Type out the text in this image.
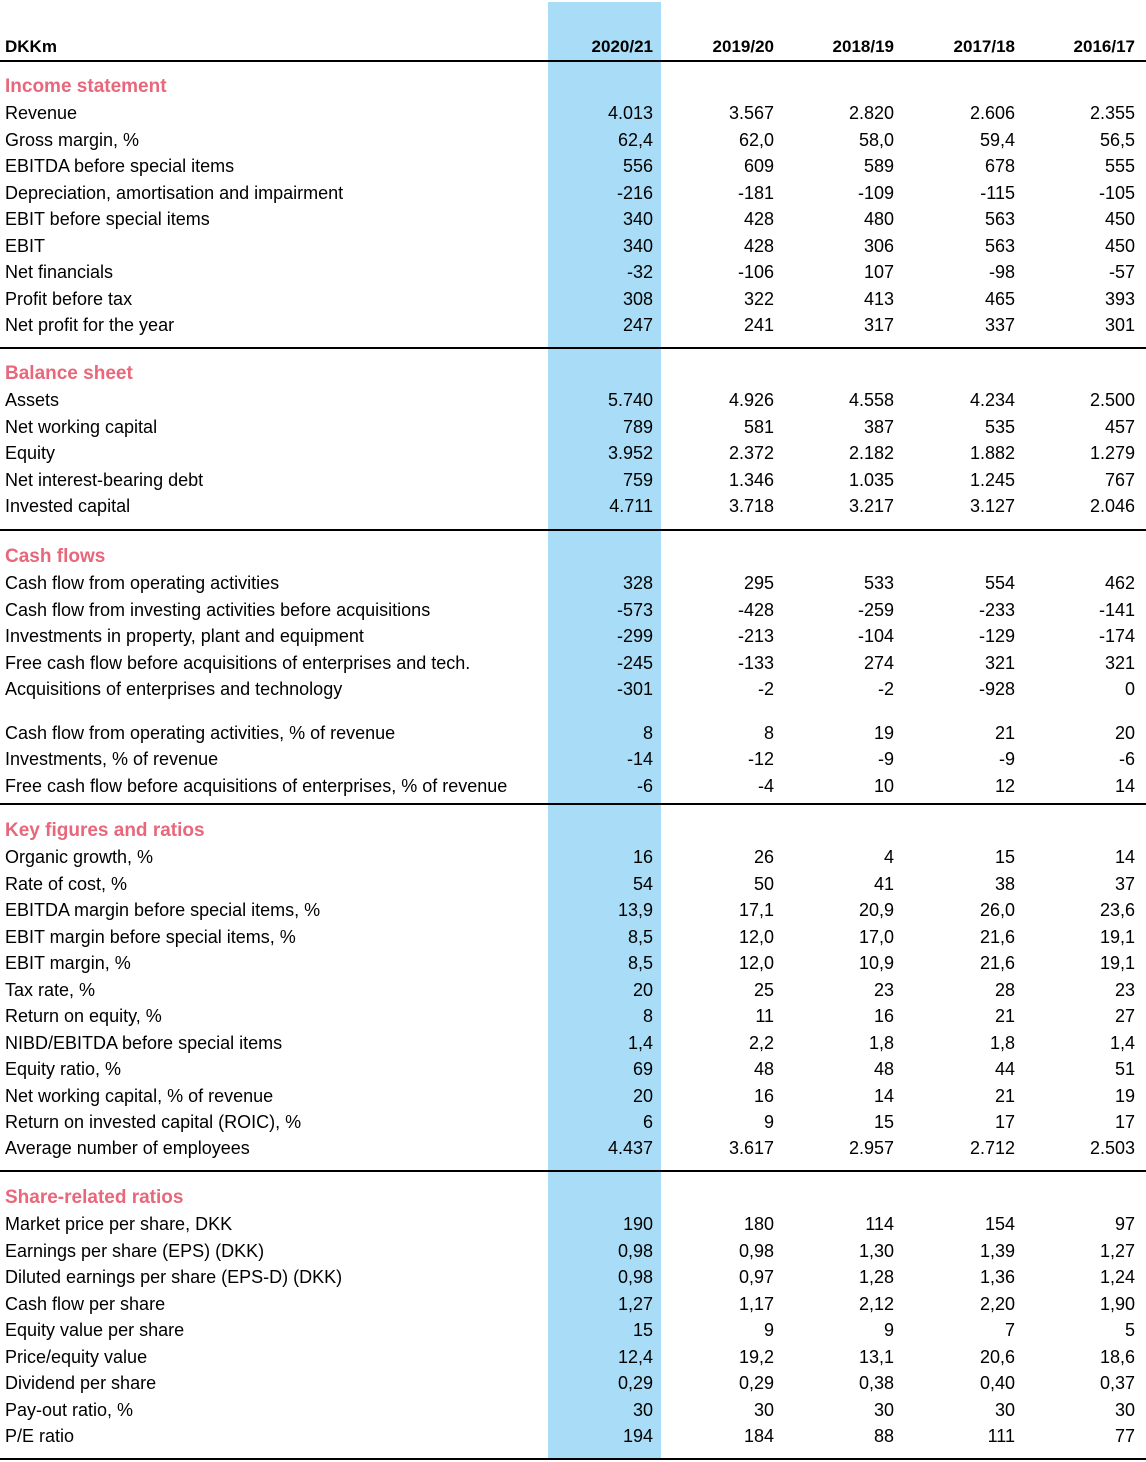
DKKm	2020/21	2019/20	2018/19	2017/18	2016/17
Income statement
Revenue	4.013	3.567	2.820	2.606	2.355
Gross margin, %	62,4	62,0	58,0	59,4	56,5
EBITDA before special items	556	609	589	678	555
Depreciation, amortisation and impairment	-216	-181	-109	-115	-105
EBIT before special items	340	428	480	563	450
EBIT	340	428	306	563	450
Net financials	-32	-106	107	-98	-57
Profit before tax	308	322	413	465	393
Net profit for the year	247	241	317	337	301
Balance sheet
Assets	5.740	4.926	4.558	4.234	2.500
Net working capital	789	581	387	535	457
Equity	3.952	2.372	2.182	1.882	1.279
Net interest-bearing debt	759	1.346	1.035	1.245	767
Invested capital	4.711	3.718	3.217	3.127	2.046
Cash flows
Cash flow from operating activities	328	295	533	554	462
Cash flow from investing activities before acquisitions	-573	-428	-259	-233	-141
Investments in property, plant and equipment	-299	-213	-104	-129	-174
Free cash flow before acquisitions of enterprises and tech.	-245	-133	274	321	321
Acquisitions of enterprises and technology	-301	-2	-2	-928	0
Cash flow from operating activities, % of revenue	8	8	19	21	20
Investments, % of revenue	-14	-12	-9	-9	-6
Free cash flow before acquisitions of enterprises, % of revenue	-6	-4	10	12	14
Key figures and ratios
Organic growth, %	16	26	4	15	14
Rate of cost, %	54	50	41	38	37
EBITDA margin before special items, %	13,9	17,1	20,9	26,0	23,6
EBIT margin before special items, %	8,5	12,0	17,0	21,6	19,1
EBIT margin, %	8,5	12,0	10,9	21,6	19,1
Tax rate, %	20	25	23	28	23
Return on equity, %	8	11	16	21	27
NIBD/EBITDA before special items	1,4	2,2	1,8	1,8	1,4
Equity ratio, %	69	48	48	44	51
Net working capital, % of revenue	20	16	14	21	19
Return on invested capital (ROIC), %	6	9	15	17	17
Average number of employees	4.437	3.617	2.957	2.712	2.503
Share-related ratios
Market price per share, DKK	190	180	114	154	97
Earnings per share (EPS) (DKK)	0,98	0,98	1,30	1,39	1,27
Diluted earnings per share (EPS-D) (DKK)	0,98	0,97	1,28	1,36	1,24
Cash flow per share	1,27	1,17	2,12	2,20	1,90
Equity value per share	15	9	9	7	5
Price/equity value	12,4	19,2	13,1	20,6	18,6
Dividend per share	0,29	0,29	0,38	0,40	0,37
Pay-out ratio, %	30	30	30	30	30
P/E ratio	194	184	88	111	77
